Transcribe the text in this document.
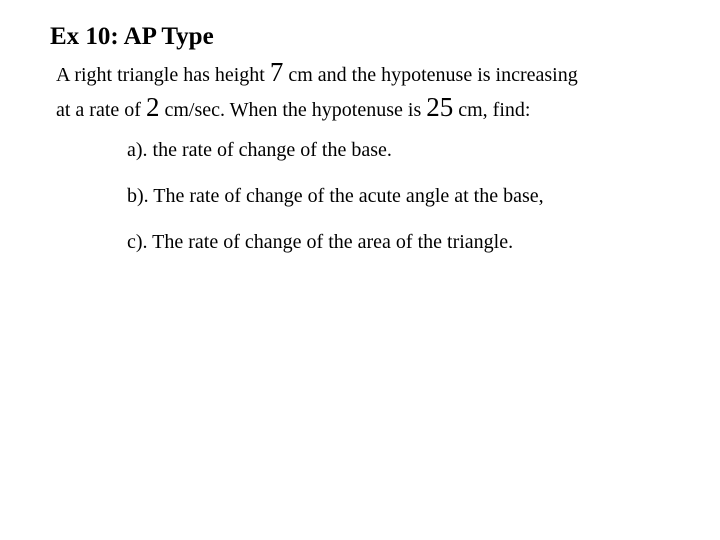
Ex 10: AP Type
A right triangle has height 7 cm and the hypotenuse is increasing
at a rate of 2 cm/sec. When the hypotenuse is 25 cm, find:
a). the rate of change of the base.
b). The rate of change of the acute angle at the base,
c). The rate of change of the area of the triangle.
